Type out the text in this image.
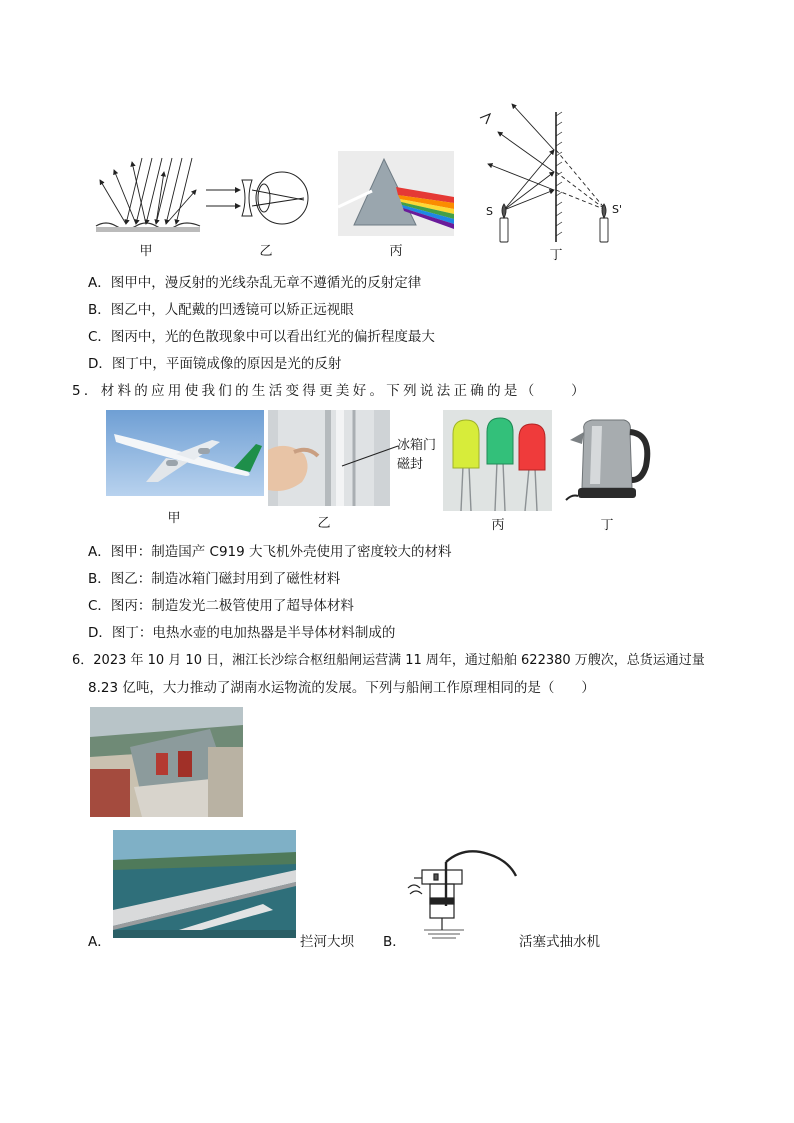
甲	乙	丙
S	S'
丁
A．图甲中，漫反射的光线杂乱无章不遵循光的反射定律
B．图乙中，人配戴的凹透镜可以矫正远视眼
C．图丙中，光的色散现象中可以看出红光的偏折程度最大
D．图丁中，平面镜成像的原因是光的反射
5．材料的应用使我们的生活变得更美好。下列说法正确的是（　　）
甲
冰箱门
磁封
乙	丙	丁
A．图甲：制造国产 C919 大飞机外壳使用了密度较大的材料
B．图乙：制造冰箱门磁封用到了磁性材料
C．图丙：制造发光二极管使用了超导体材料
D．图丁：电热水壶的电加热器是半导体材料制成的
6．2023 年 10 月 10 日，湘江长沙综合枢纽船闸运营满 11 周年，通过船舶 622380 万艘次，总货运通过量
8.23 亿吨，大力推动了湖南水运物流的发展。下列与船闸工作原理相同的是（　　）
A．	拦河大坝 B．	活塞式抽水机
